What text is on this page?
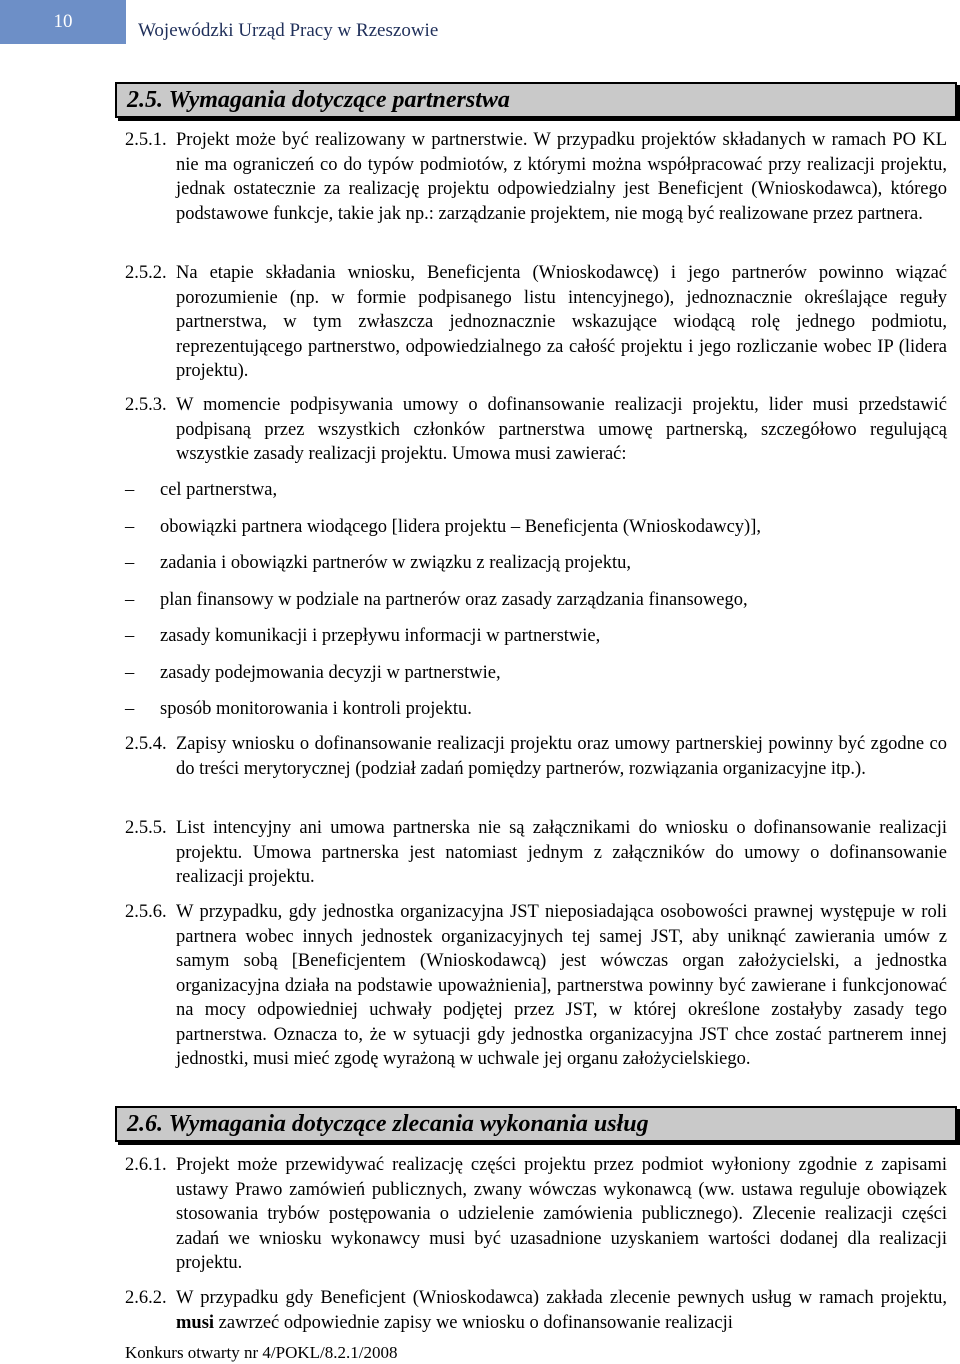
10	Wojewódzki Urząd Pracy w Rzeszowie
2.5. Wymagania dotyczące partnerstwa
2.5.1. Projekt może być realizowany w partnerstwie. W przypadku projektów składanych w ramach PO KL nie ma ograniczeń co do typów podmiotów, z którymi można współpracować przy realizacji projektu, jednak ostatecznie za realizację projektu odpowiedzialny jest Beneficjent (Wnioskodawca), którego podstawowe funkcje, takie jak np.: zarządzanie projektem, nie mogą być realizowane przez partnera.
2.5.2. Na etapie składania wniosku, Beneficjenta (Wnioskodawcę) i jego partnerów powinno wiązać porozumienie (np. w formie podpisanego listu intencyjnego), jednoznacznie określające reguły partnerstwa, w tym zwłaszcza jednoznacznie wskazujące wiodącą rolę jednego podmiotu, reprezentującego partnerstwo, odpowiedzialnego za całość projektu i jego rozliczanie wobec IP (lidera projektu).
2.5.3. W momencie podpisywania umowy o dofinansowanie realizacji projektu, lider musi przedstawić podpisaną przez wszystkich członków partnerstwa umowę partnerską, szczegółowo regulującą wszystkie zasady realizacji projektu. Umowa musi zawierać:
– cel partnerstwa,
– obowiązki partnera wiodącego [lidera projektu – Beneficjenta (Wnioskodawcy)],
– zadania i obowiązki partnerów w związku z realizacją projektu,
– plan finansowy w podziale na partnerów oraz zasady zarządzania finansowego,
– zasady komunikacji i przepływu informacji w partnerstwie,
– zasady podejmowania decyzji w partnerstwie,
– sposób monitorowania i kontroli projektu.
2.5.4. Zapisy wniosku o dofinansowanie realizacji projektu oraz umowy partnerskiej powinny być zgodne co do treści merytorycznej (podział zadań pomiędzy partnerów, rozwiązania organizacyjne itp.).
2.5.5. List intencyjny ani umowa partnerska nie są załącznikami do wniosku o dofinansowanie realizacji projektu. Umowa partnerska jest natomiast jednym z załączników do umowy o dofinansowanie realizacji projektu.
2.5.6. W przypadku, gdy jednostka organizacyjna JST nieposiadająca osobowości prawnej występuje w roli partnera wobec innych jednostek organizacyjnych tej samej JST, aby uniknąć zawierania umów z samym sobą [Beneficjentem (Wnioskodawcą) jest wówczas organ założycielski, a jednostka organizacyjna działa na podstawie upoważnienia], partnerstwa powinny być zawierane i funkcjonować na mocy odpowiedniej uchwały podjętej przez JST, w której określone zostałyby zasady tego partnerstwa. Oznacza to, że w sytuacji gdy jednostka organizacyjna JST chce zostać partnerem innej jednostki, musi mieć zgodę wyrażoną w uchwale jej organu założycielskiego.
2.6. Wymagania dotyczące zlecania wykonania usług
2.6.1. Projekt może przewidywać realizację części projektu przez podmiot wyłoniony zgodnie z zapisami ustawy Prawo zamówień publicznych, zwany wówczas wykonawcą (ww. ustawa reguluje obowiązek stosowania trybów postępowania o udzielenie zamówienia publicznego). Zlecenie realizacji części zadań we wniosku wykonawcy musi być uzasadnione uzyskaniem wartości dodanej dla realizacji projektu.
2.6.2. W przypadku gdy Beneficjent (Wnioskodawca) zakłada zlecenie pewnych usług w ramach projektu, musi zawrzeć odpowiednie zapisy we wniosku o dofinansowanie realizacji
Konkurs otwarty nr 4/POKL/8.2.1/2008
